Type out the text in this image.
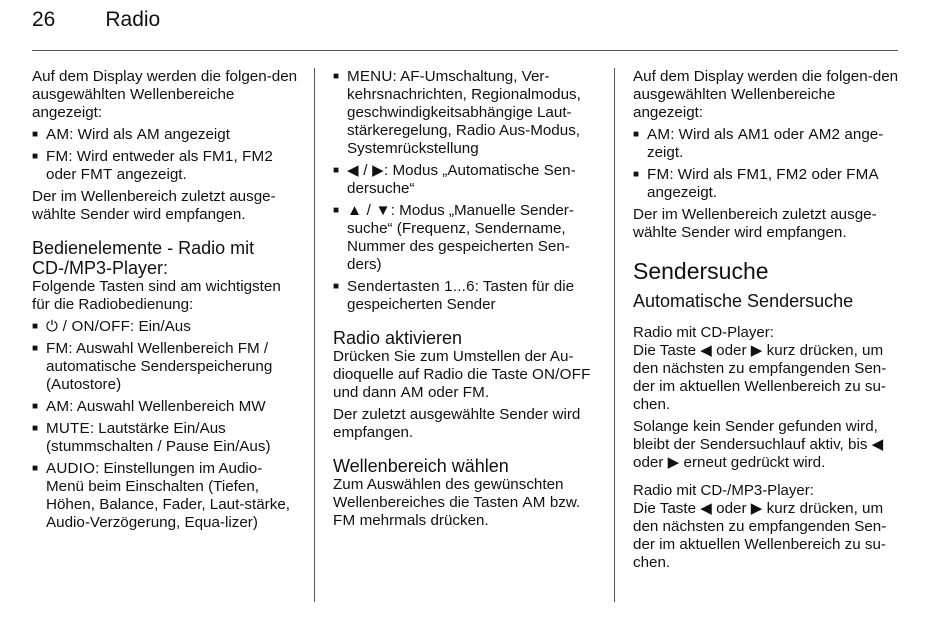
26 Radio

Auf dem Display werden die folgen-den ausgewählten Wellenbereiche angezeigt:

■ AM: Wird als AM angezeigt
■ FM: Wird entweder als FM1, FM2 oder FMT angezeigt.

Der im Wellenbereich zuletzt ausge-wählte Sender wird empfangen.

Bedienelemente - Radio mit CD-/MP3-Player:

Folgende Tasten sind am wichtigsten für die Radiobedienung:

■ ⏻ / ON/OFF: Ein/Aus
■ FM: Auswahl Wellenbereich FM / automatische Senderspeicherung (Autostore)
■ AM: Auswahl Wellenbereich MW
■ MUTE: Lautstärke Ein/Aus (stummschalten / Pause Ein/Aus)
■ AUDIO: Einstellungen im Audio-Menü beim Einschalten (Tiefen, Höhen, Balance, Fader, Laut-stärke, Audio-Verzögerung, Equa-lizer)
■ MENU: AF-Umschaltung, Ver-kehrsnachrichten, Regionalmodus, geschwindigkeitsabhängige Laut-stärkeregelung, Radio Aus-Modus, Systemrückstellung
■ ◀ / ▶: Modus „Automatische Sen-dersuche“
■ ▲ / ▼: Modus „Manuelle Sender-suche“ (Frequenz, Sendername, Nummer des gespeicherten Sen-ders)
■ Sendertasten 1...6: Tasten für die gespeicherten Sender
Radio aktivieren

Drücken Sie zum Umstellen der Au-dioquelle auf Radio die Taste ON/OFF und dann AM oder FM.

Der zuletzt ausgewählte Sender wird empfangen.

Wellenbereich wählen

Zum Auswählen des gewünschten Wellenbereiches die Tasten AM bzw. FM mehrmals drücken.

Auf dem Display werden die folgen-den ausgewählten Wellenbereiche angezeigt:

■ AM: Wird als AM1 oder AM2 ange-zeigt.
■ FM: Wird als FM1, FM2 oder FMA angezeigt.

Der im Wellenbereich zuletzt ausge-wählte Sender wird empfangen.

Sendersuche
Automatische Sendersuche
Radio mit CD-Player:

Die Taste ◀ oder ▶ kurz drücken, um den nächsten zu empfangenden Sen-der im aktuellen Wellenbereich zu su-chen.

Solange kein Sender gefunden wird, bleibt der Sendersuchlauf aktiv, bis ◀ oder ▶ erneut gedrückt wird.

Radio mit CD-/MP3-Player:

Die Taste ◀ oder ▶ kurz drücken, um den nächsten zu empfangenden Sen-der im aktuellen Wellenbereich zu su-chen.
